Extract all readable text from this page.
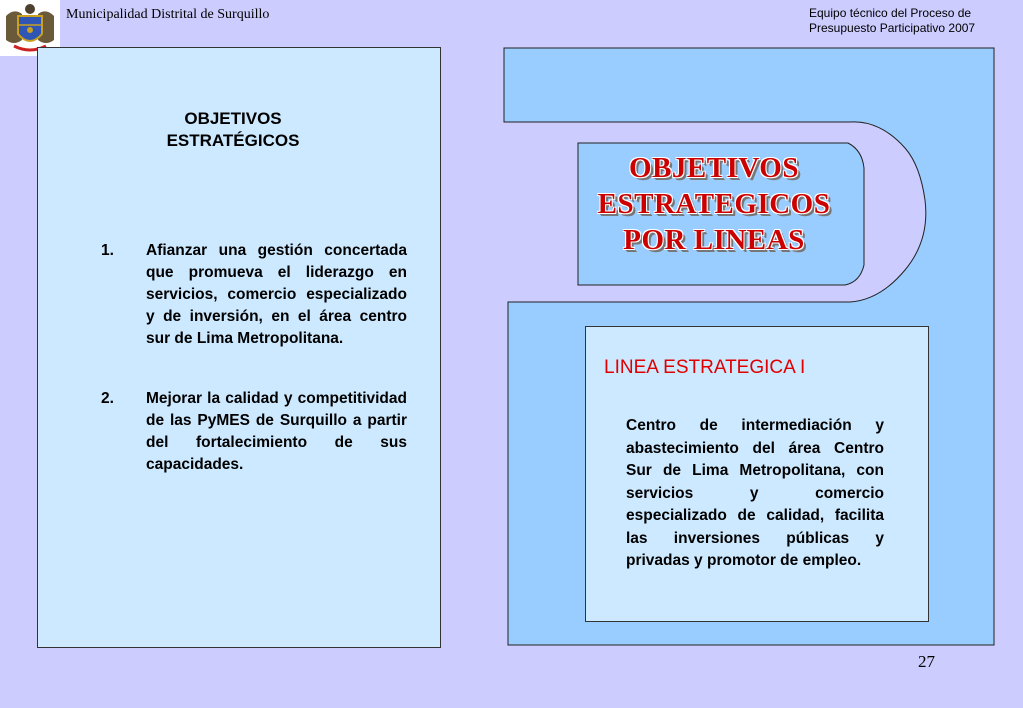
Municipalidad Distrital de Surquillo	Equipo técnico del Proceso de
Presupuesto Participativo 2007
OBJETIVOS
ESTRATÉGICOS
1. Afianzar una gestión concertada que promueva el liderazgo en servicios, comercio especializado y de inversión, en el área centro sur de Lima Metropolitana.
2. Mejorar la calidad y competitividad de las PyMES de Surquillo a partir del fortalecimiento de sus capacidades.
OBJETIVOS
ESTRATEGICOS
POR LINEAS
LINEA ESTRATEGICA I
Centro de intermediación y abastecimiento del área Centro Sur de Lima Metropolitana, con servicios y comercio especializado de calidad, facilita las inversiones públicas y privadas y promotor de empleo.
27
